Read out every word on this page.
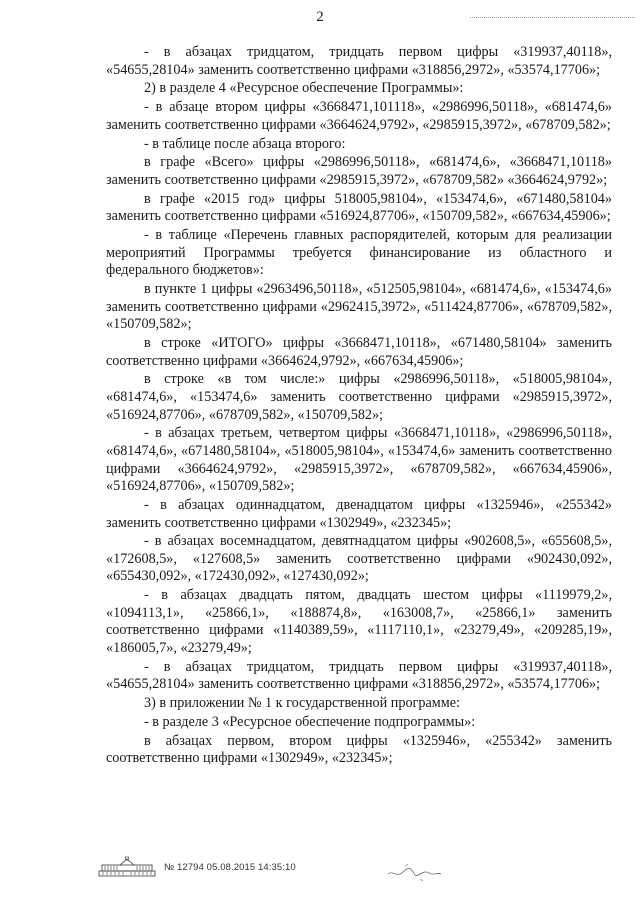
2

- в абзацах тридцатом, тридцать первом цифры «319937,40118», «54655,28104» заменить соответственно цифрами «318856,2972», «53574,17706»;

2) в разделе 4 «Ресурсное обеспечение Программы»:

- в абзаце втором цифры «3668471,101118», «2986996,50118», «681474,6» заменить соответственно цифрами «3664624,9792», «2985915,3972», «678709,582»;

- в таблице после абзаца второго:

в графе «Всего» цифры «2986996,50118», «681474,6», «3668471,10118» заменить соответственно цифрами «2985915,3972», «678709,582» «3664624,9792»;

в графе «2015 год» цифры 518005,98104», «153474,6», «671480,58104» заменить соответственно цифрами «516924,87706», «150709,582», «667634,45906»;

- в таблице «Перечень главных распорядителей, которым для реализации мероприятий Программы требуется финансирование из областного и федерального бюджетов»:

в пункте 1 цифры «2963496,50118», «512505,98104», «681474,6», «153474,6» заменить соответственно цифрами «2962415,3972», «511424,87706», «678709,582», «150709,582»;

в строке «ИТОГО» цифры «3668471,10118», «671480,58104» заменить соответственно цифрами «3664624,9792», «667634,45906»;

в строке «в том числе:» цифры «2986996,50118», «518005,98104», «681474,6», «153474,6» заменить соответственно цифрами «2985915,3972», «516924,87706», «678709,582», «150709,582»;

- в абзацах третьем, четвертом цифры «3668471,10118», «2986996,50118», «681474,6», «671480,58104», «518005,98104», «153474,6» заменить соответственно цифрами «3664624,9792», «2985915,3972», «678709,582», «667634,45906», «516924,87706», «150709,582»;

- в абзацах одиннадцатом, двенадцатом цифры «1325946», «255342» заменить соответственно цифрами «1302949», «232345»;

- в абзацах восемнадцатом, девятнадцатом цифры «902608,5», «655608,5», «172608,5», «127608,5» заменить соответственно цифрами «902430,092», «655430,092», «172430,092», «127430,092»;

- в абзацах двадцать пятом, двадцать шестом цифры «1119979,2», «1094113,1», «25866,1», «188874,8», «163008,7», «25866,1» заменить соответственно цифрами «1140389,59», «1117110,1», «23279,49», «209285,19», «186005,7», «23279,49»;

- в абзацах тридцатом, тридцать первом цифры «319937,40118», «54655,28104» заменить соответственно цифрами «318856,2972», «53574,17706»;

3) в приложении № 1 к государственной программе:

- в разделе 3 «Ресурсное обеспечение подпрограммы»:

в абзацах первом, втором цифры «1325946», «255342» заменить соответственно цифрами «1302949», «232345»;

№ 12794 05.08.2015 14:35:10
